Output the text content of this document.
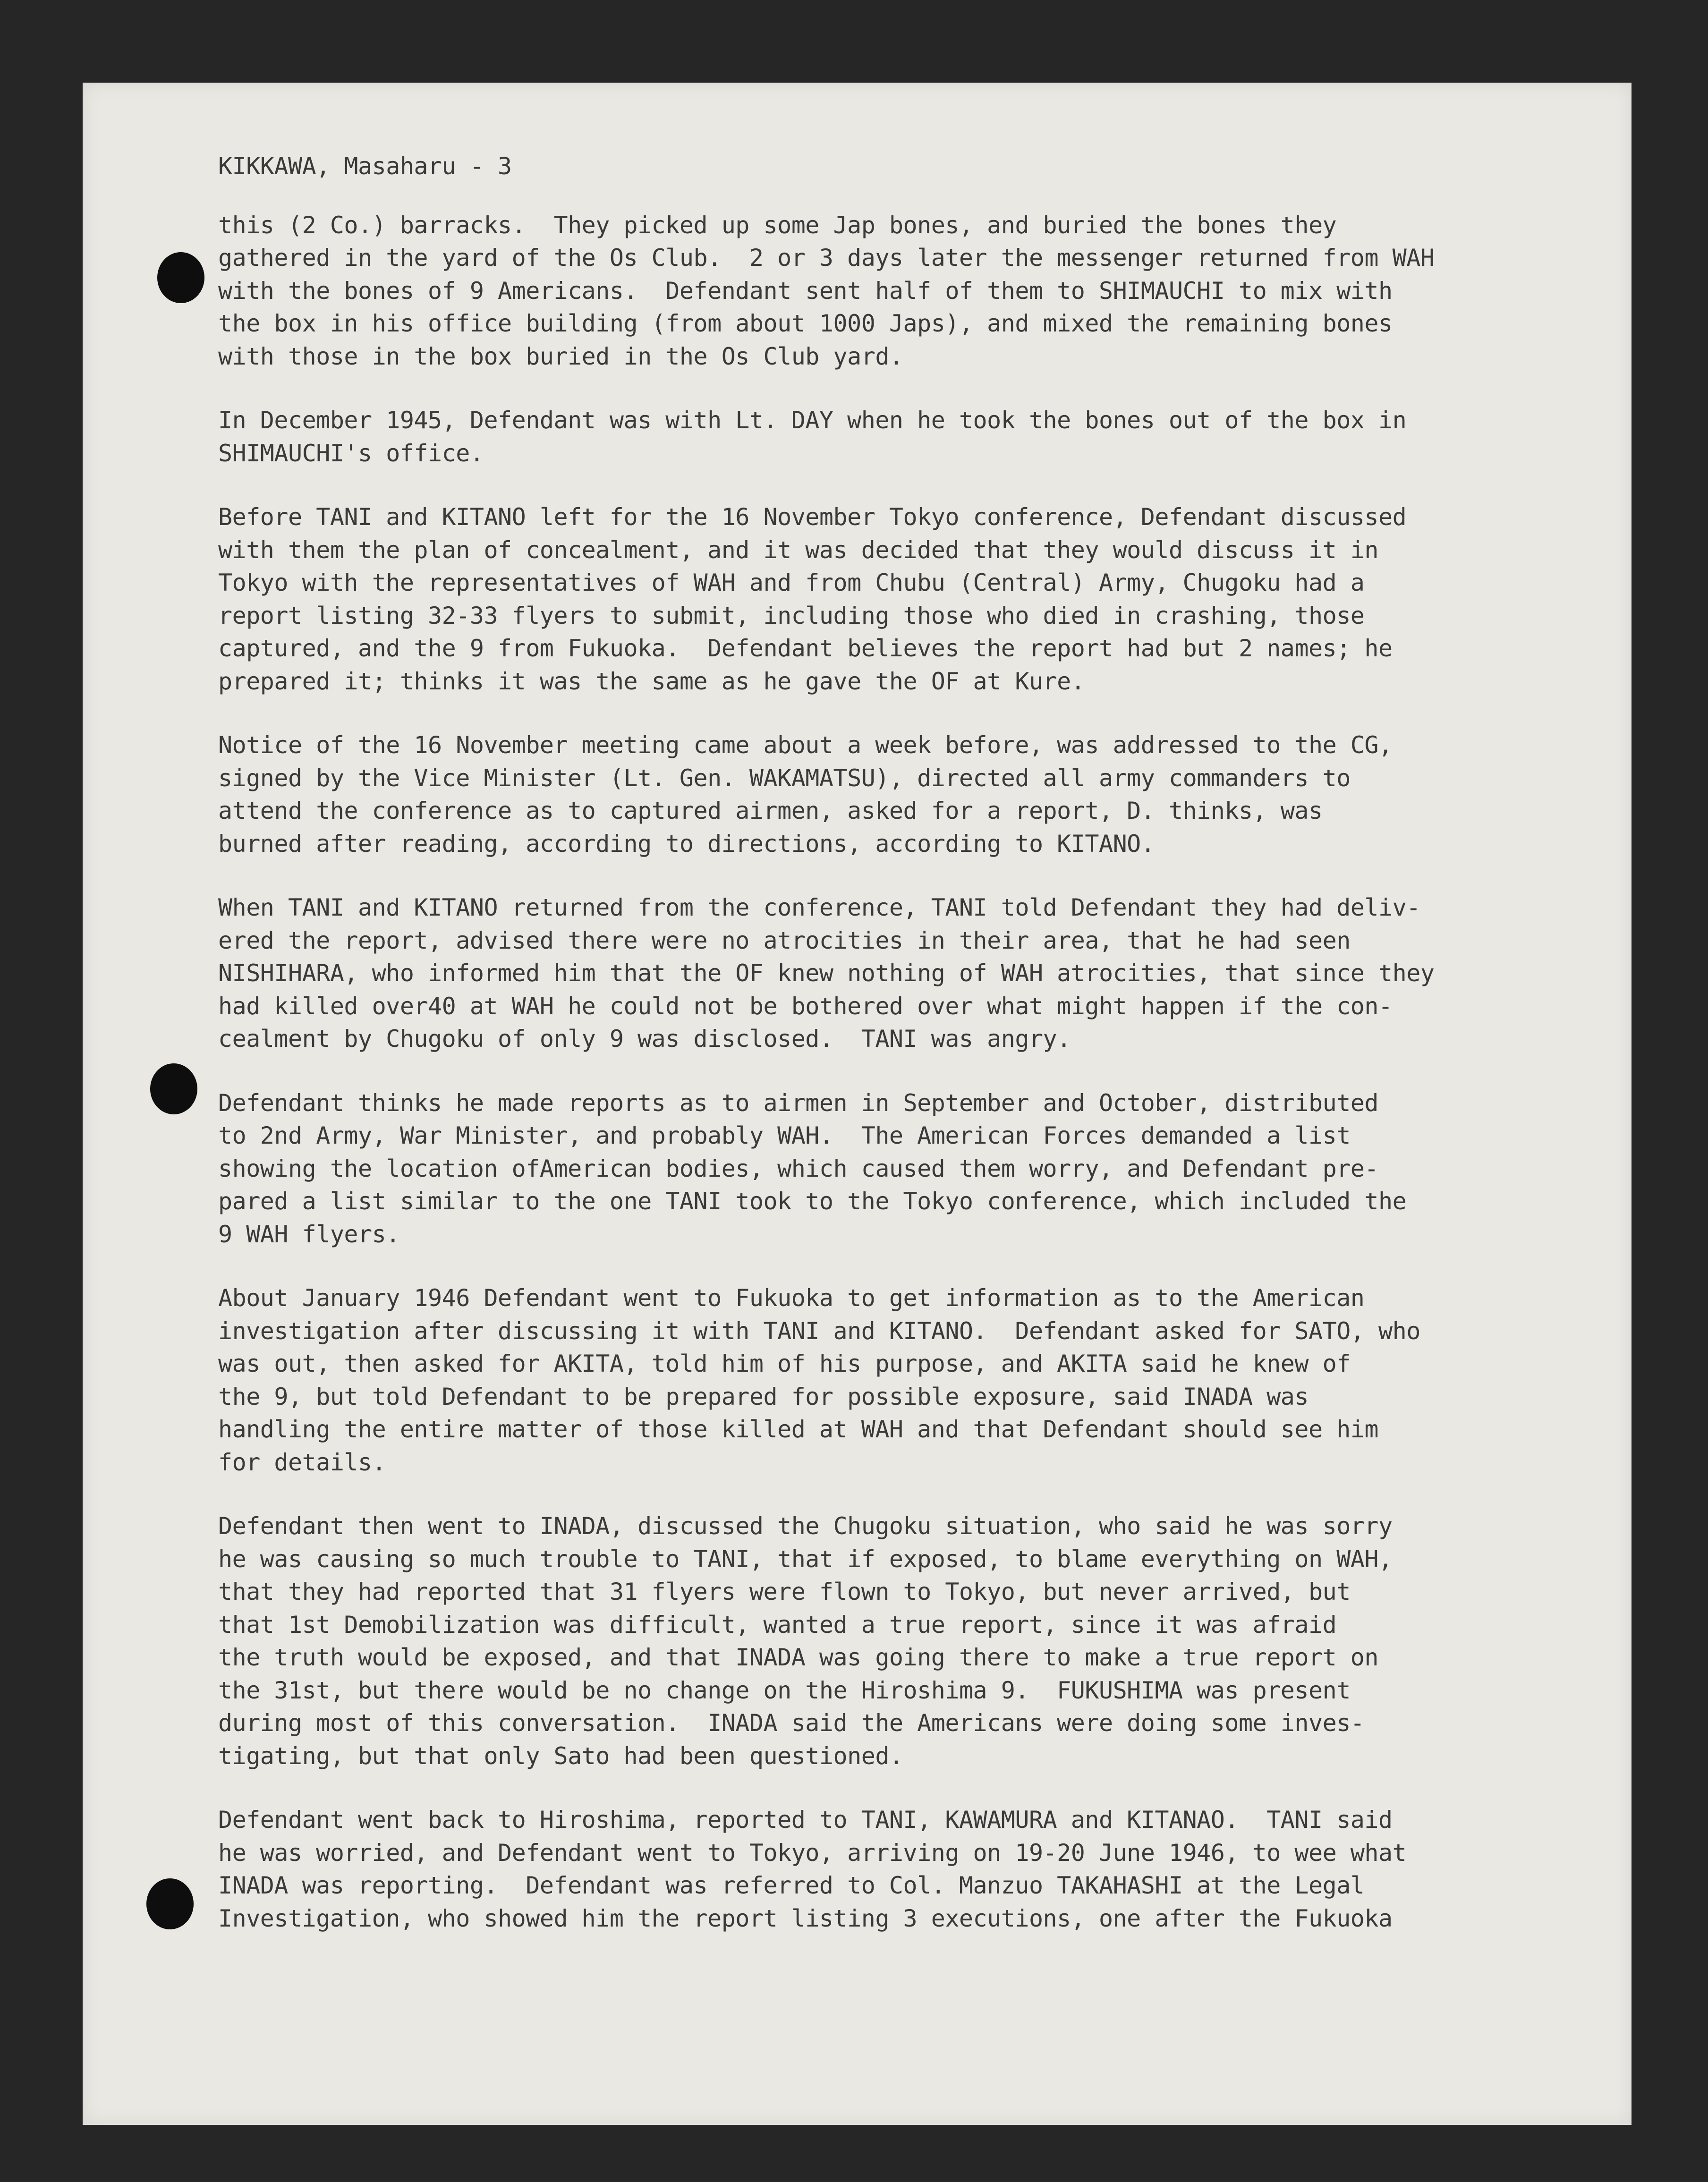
KIKKAWA, Masaharu - 3
this (2 Co.) barracks.  They picked up some Jap bones, and buried the bones they
gathered in the yard of the Os Club.  2 or 3 days later the messenger returned from WAH
with the bones of 9 Americans.  Defendant sent half of them to SHIMAUCHI to mix with
the box in his office building (from about 1000 Japs), and mixed the remaining bones
with those in the box buried in the Os Club yard.
In December 1945, Defendant was with Lt. DAY when he took the bones out of the box in
SHIMAUCHI's office.
Before TANI and KITANO left for the 16 November Tokyo conference, Defendant discussed
with them the plan of concealment, and it was decided that they would discuss it in
Tokyo with the representatives of WAH and from Chubu (Central) Army, Chugoku had a
report listing 32-33 flyers to submit, including those who died in crashing, those
captured, and the 9 from Fukuoka.  Defendant believes the report had but 2 names; he
prepared it; thinks it was the same as he gave the OF at Kure.
Notice of the 16 November meeting came about a week before, was addressed to the CG,
signed by the Vice Minister (Lt. Gen. WAKAMATSU), directed all army commanders to
attend the conference as to captured airmen, asked for a report, D. thinks, was
burned after reading, according to directions, according to KITANO.
When TANI and KITANO returned from the conference, TANI told Defendant they had deliv-
ered the report, advised there were no atrocities in their area, that he had seen
NISHIHARA, who informed him that the OF knew nothing of WAH atrocities, that since they
had killed over40 at WAH he could not be bothered over what might happen if the con-
cealment by Chugoku of only 9 was disclosed.  TANI was angry.
Defendant thinks he made reports as to airmen in September and October, distributed
to 2nd Army, War Minister, and probably WAH.  The American Forces demanded a list
showing the location ofAmerican bodies, which caused them worry, and Defendant pre-
pared a list similar to the one TANI took to the Tokyo conference, which included the
9 WAH flyers.
About January 1946 Defendant went to Fukuoka to get information as to the American
investigation after discussing it with TANI and KITANO.  Defendant asked for SATO, who
was out, then asked for AKITA, told him of his purpose, and AKITA said he knew of
the 9, but told Defendant to be prepared for possible exposure, said INADA was
handling the entire matter of those killed at WAH and that Defendant should see him
for details.
Defendant then went to INADA, discussed the Chugoku situation, who said he was sorry
he was causing so much trouble to TANI, that if exposed, to blame everything on WAH,
that they had reported that 31 flyers were flown to Tokyo, but never arrived, but
that 1st Demobilization was difficult, wanted a true report, since it was afraid
the truth would be exposed, and that INADA was going there to make a true report on
the 31st, but there would be no change on the Hiroshima 9.  FUKUSHIMA was present
during most of this conversation.  INADA said the Americans were doing some inves-
tigating, but that only Sato had been questioned.
Defendant went back to Hiroshima, reported to TANI, KAWAMURA and KITANAO.  TANI said
he was worried, and Defendant went to Tokyo, arriving on 19-20 June 1946, to wee what
INADA was reporting.  Defendant was referred to Col. Manzuo TAKAHASHI at the Legal
Investigation, who showed him the report listing 3 executions, one after the Fukuoka
